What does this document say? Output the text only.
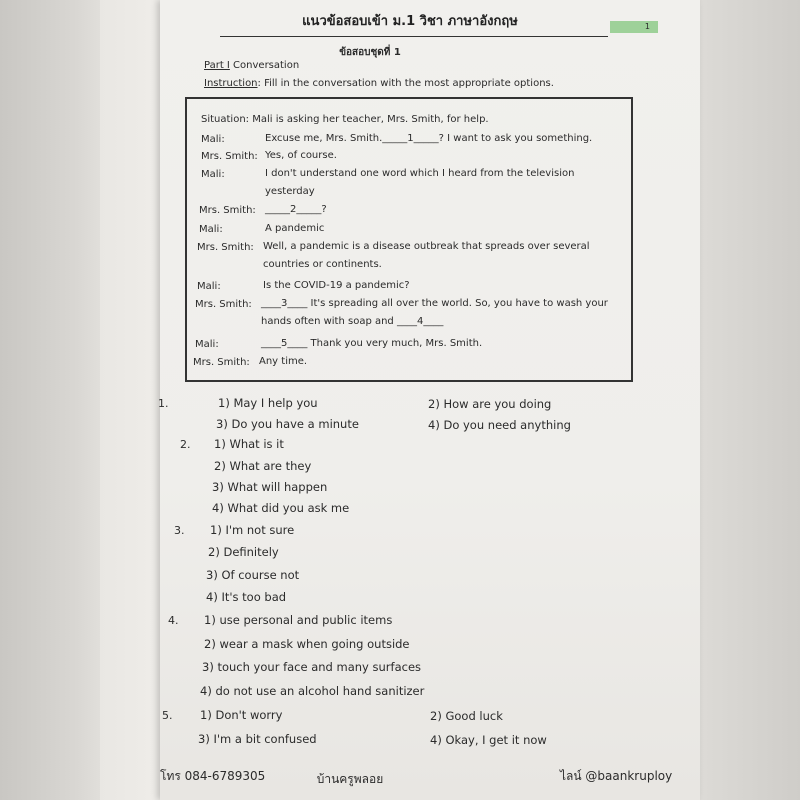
แนวข้อสอบเข้า ม.1 วิชา ภาษาอังกฤษ	1
ข้อสอบชุดที่ 1
Part I Conversation
Instruction: Fill in the conversation with the most appropriate options.
Situation: Mali is asking her teacher, Mrs. Smith, for help.
Mali:	Excuse me, Mrs. Smith._____1_____? I want to ask you something.
Mrs. Smith: Yes, of course.
Mali:	I don't understand one word which I heard from the television yesterday
Mrs. Smith: _____2_____?
Mali:	A pandemic
Mrs. Smith: Well, a pandemic is a disease outbreak that spreads over several countries or continents.
Mali:	Is the COVID-19 a pandemic?
Mrs. Smith: ____3____ It's spreading all over the world. So, you have to wash your hands often with soap and ____4____
Mali:	____5____ Thank you very much, Mrs. Smith.
Mrs. Smith: Any time.
1.	1) May I help you	2) How are you doing
3) Do you have a minute	4) Do you need anything
2. 1) What is it
2) What are they
3) What will happen
4) What did you ask me
3. 1) I'm not sure
2) Definitely
3) Of course not
4) It's too bad
4. 1) use personal and public items
2) wear a mask when going outside
3) touch your face and many surfaces
4) do not use an alcohol hand sanitizer
5. 1) Don't worry	2) Good luck
3) I'm a bit confused	4) Okay, I get it now
โทร 084-6789305	บ้านครูพลอย	ไลน์ @baankruploy
